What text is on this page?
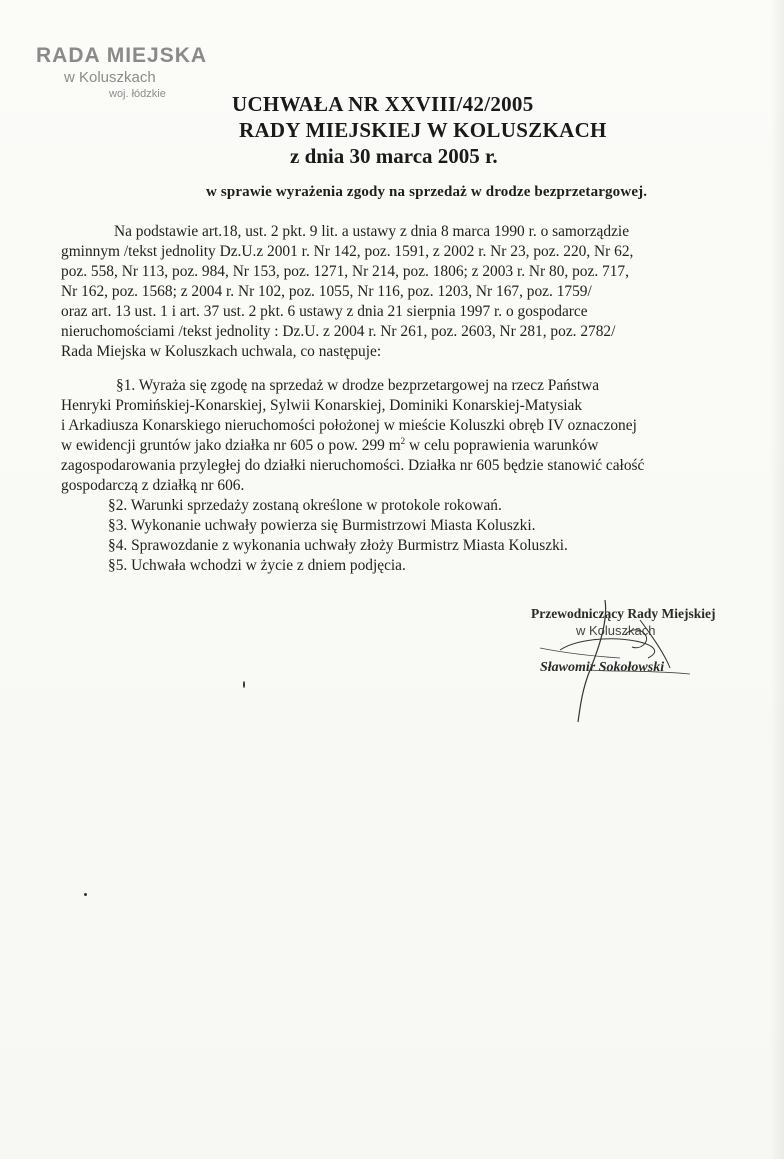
RADA MIEJSKA
w Koluszkach
woj. łódzkie	UCHWAŁA NR XXVIII/42/2005
RADY MIEJSKIEJ W KOLUSZKACH
z dnia 30 marca 2005 r.
w sprawie wyrażenia zgody na sprzedaż w drodze bezprzetargowej.
Na podstawie art.18, ust. 2 pkt. 9 lit. a ustawy z dnia 8 marca 1990 r. o samorządzie
gminnym /tekst jednolity Dz.U.z 2001 r. Nr 142, poz. 1591, z 2002 r. Nr 23, poz. 220, Nr 62,
poz. 558, Nr 113, poz. 984, Nr 153, poz. 1271, Nr 214, poz. 1806; z 2003 r. Nr 80, poz. 717,
Nr 162, poz. 1568; z 2004 r. Nr 102, poz. 1055, Nr 116, poz. 1203, Nr 167, poz. 1759/
oraz art. 13 ust. 1 i art. 37 ust. 2 pkt. 6 ustawy z dnia 21 sierpnia 1997 r. o gospodarce
nieruchomościami /tekst jednolity : Dz.U. z 2004 r. Nr 261, poz. 2603, Nr 281, poz. 2782/
Rada Miejska w Koluszkach uchwala, co następuje:
§1. Wyraża się zgodę na sprzedaż w drodze bezprzetargowej na rzecz Państwa
Henryki Promińskiej-Konarskiej, Sylwii Konarskiej, Dominiki Konarskiej-Matysiak
i Arkadiusza Konarskiego nieruchomości położonej w mieście Koluszki obręb IV oznaczonej
w ewidencji gruntów jako działka nr 605 o pow. 299 $m^2$ w celu poprawienia warunków
zagospodarowania przyległej do działki nieruchomości. Działka nr 605 będzie stanowić całość
gospodarczą z działką nr 606.
§2. Warunki sprzedaży zostaną określone w protokole rokowań.
§3. Wykonanie uchwały powierza się Burmistrzowi Miasta Koluszki.
§4. Sprawozdanie z wykonania uchwały złoży Burmistrz Miasta Koluszki.
§5. Uchwała wchodzi w życie z dniem podjęcia.
Przewodniczący Rady Miejskiej
w Koluszkach
Sławomir Sokołowski
